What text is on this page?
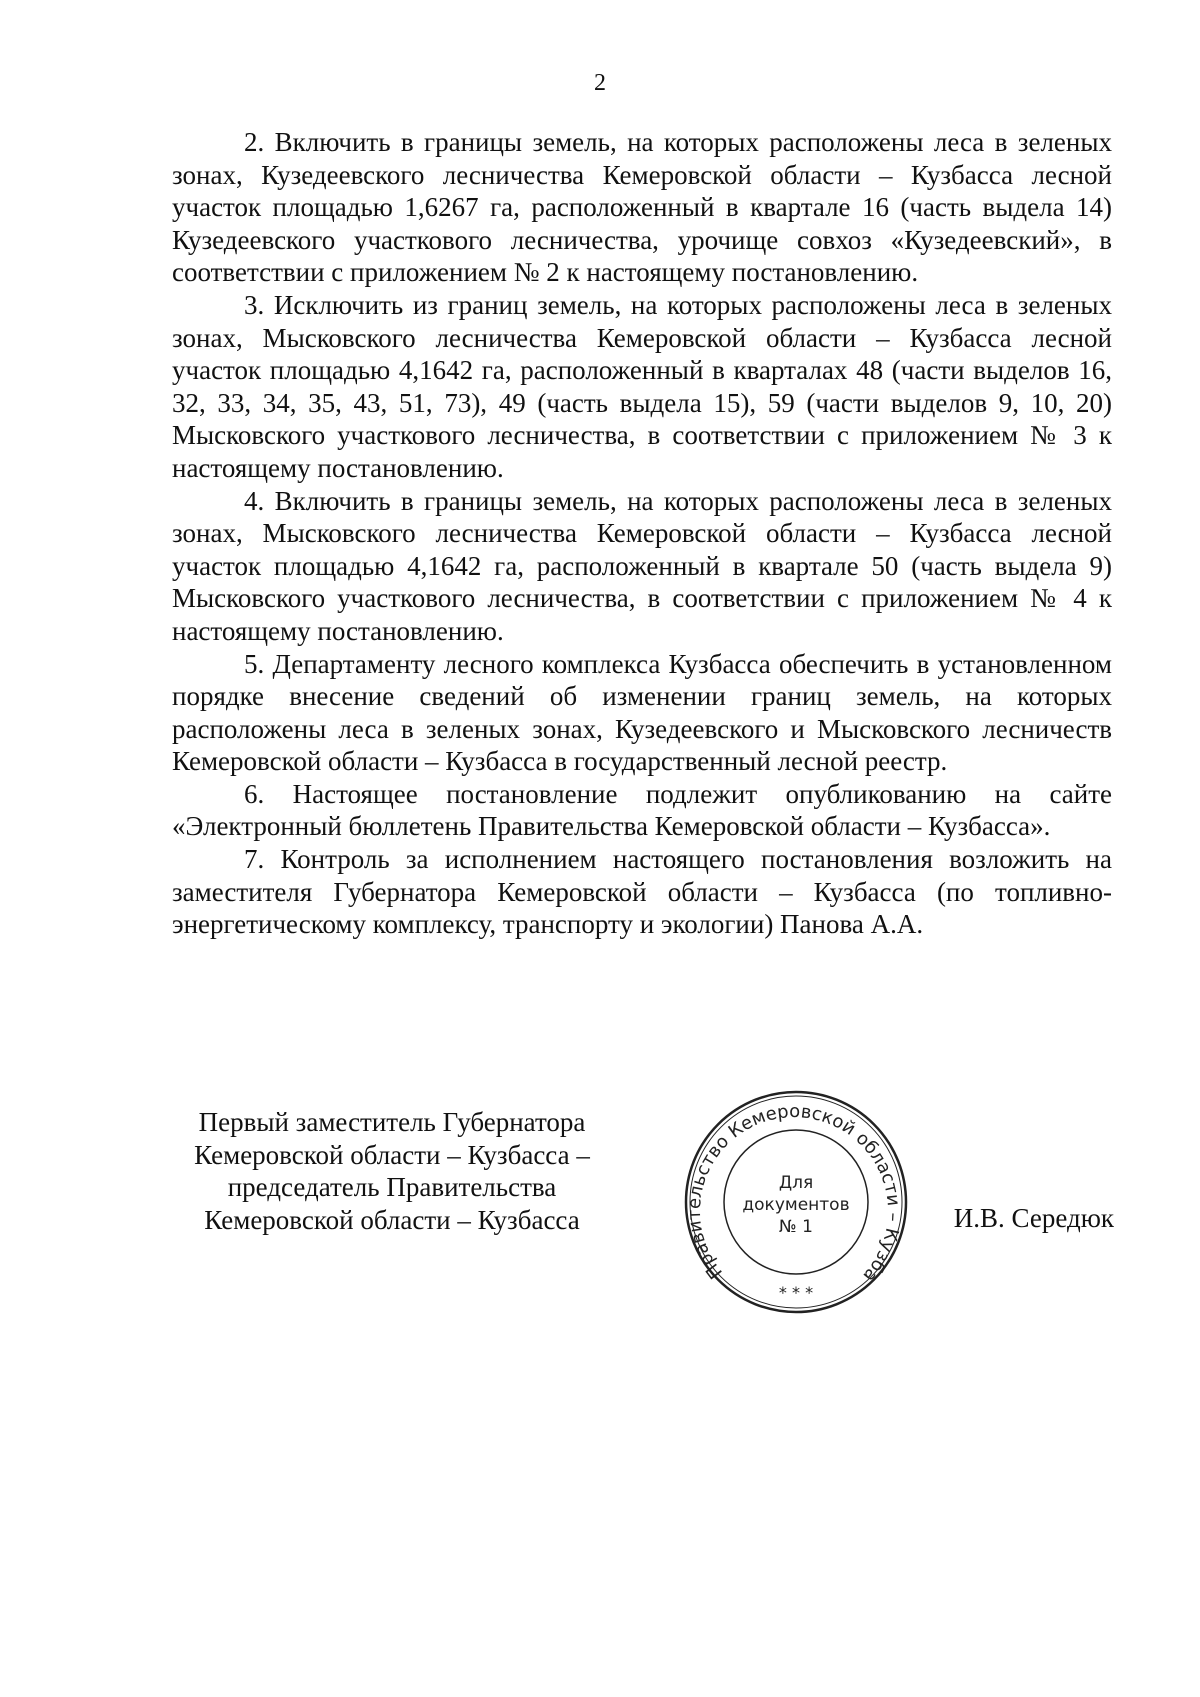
2

2. Включить в границы земель, на которых расположены леса в зеленых зонах, Кузедеевского лесничества Кемеровской области – Кузбасса лесной участок площадью 1,6267 га, расположенный в квартале 16 (часть выдела 14) Кузедеевского участкового лесничества, урочище совхоз «Кузедеевский», в соответствии с приложением № 2 к настоящему постановлению.

3. Исключить из границ земель, на которых расположены леса в зеленых зонах, Мысковского лесничества Кемеровской области – Кузбасса лесной участок площадью 4,1642 га, расположенный в кварталах 48 (части выделов 16, 32, 33, 34, 35, 43, 51, 73), 49 (часть выдела 15), 59 (части выделов 9, 10, 20) Мысковского участкового лесничества, в соответствии с приложением № 3 к настоящему постановлению.

4. Включить в границы земель, на которых расположены леса в зеленых зонах, Мысковского лесничества Кемеровской области – Кузбасса лесной участок площадью 4,1642 га, расположенный в квартале 50 (часть выдела 9) Мысковского участкового лесничества, в соответствии с приложением № 4 к настоящему постановлению.

5. Департаменту лесного комплекса Кузбасса обеспечить в установленном порядке внесение сведений об изменении границ земель, на которых расположены леса в зеленых зонах, Кузедеевского и Мысковского лесничеств Кемеровской области – Кузбасса в государственный лесной реестр.

6. Настоящее постановление подлежит опубликованию на сайте «Электронный бюллетень Правительства Кемеровской области – Кузбасса».

7. Контроль за исполнением настоящего постановления возложить на заместителя Губернатора Кемеровской области – Кузбасса (по топливно-энергетическому комплексу, транспорту и экологии) Панова А.А.

Первый заместитель Губернатора
Кемеровской области – Кузбасса –
председатель Правительства
Кемеровской области – Кузбасса
Правительство Кемеровской области – Кузба
* * *
Для
документов
№ 1	И.В. Середюк
